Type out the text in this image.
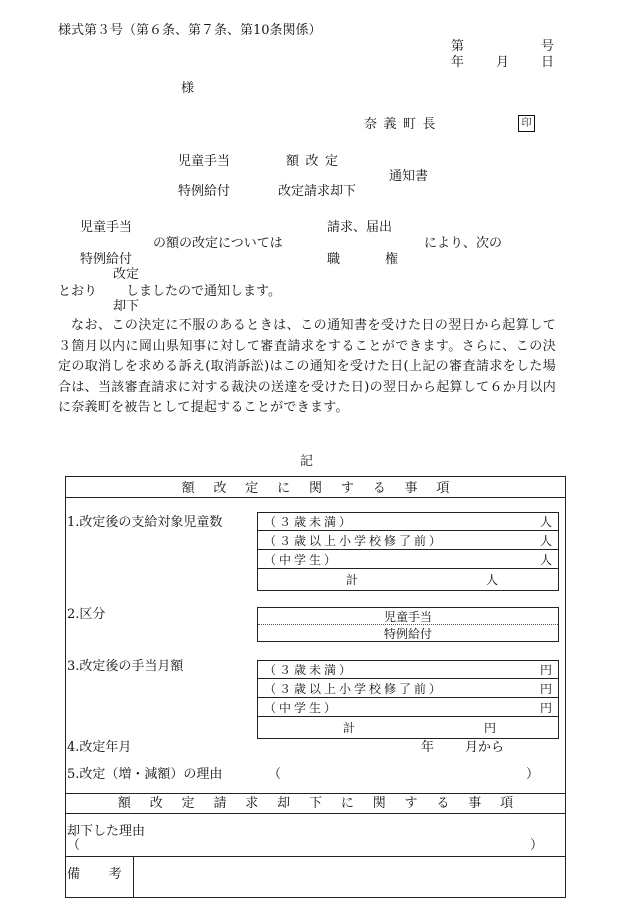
様式第３号（第６条、第７条、第10条関係）
第	号
年 月 日
様
奈義町長	印
児童手当	額改定
通知書
特例給付	改定請求却下
児童手当	請求、届出
の額の改定については	により、次の
特例給付	職	権
改定
とおり しましたので通知します。
却下
なお、この決定に不服のあるときは、この通知書を受けた日の翌日から起算して３箇月以内に岡山県知事に対して審査請求をすることができます。さらに、この決定の取消しを求める訴え(取消訴訟)はこの通知を受けた日(上記の審査請求をした場合は、当該審査請求に対する裁決の送達を受けた日)の翌日から起算して６か月以内に奈義町を被告として提起することができます。
記
額改定に関する事項
1.改定後の支給対象児童数	（３歳未満）	人
（３歳以上小学校修了前）	人
（中学生）	人
計	人
2.区分	児童手当
特例給付
3.改定後の手当月額	（３歳未満）	円
（３歳以上小学校修了前）	円
（中学生）	円
計	円
4.改定年月	年 月から
5.改定（増・減額）の理由	（	）
額改定請求却下に関する事項
却下した理由
（	）
備考
